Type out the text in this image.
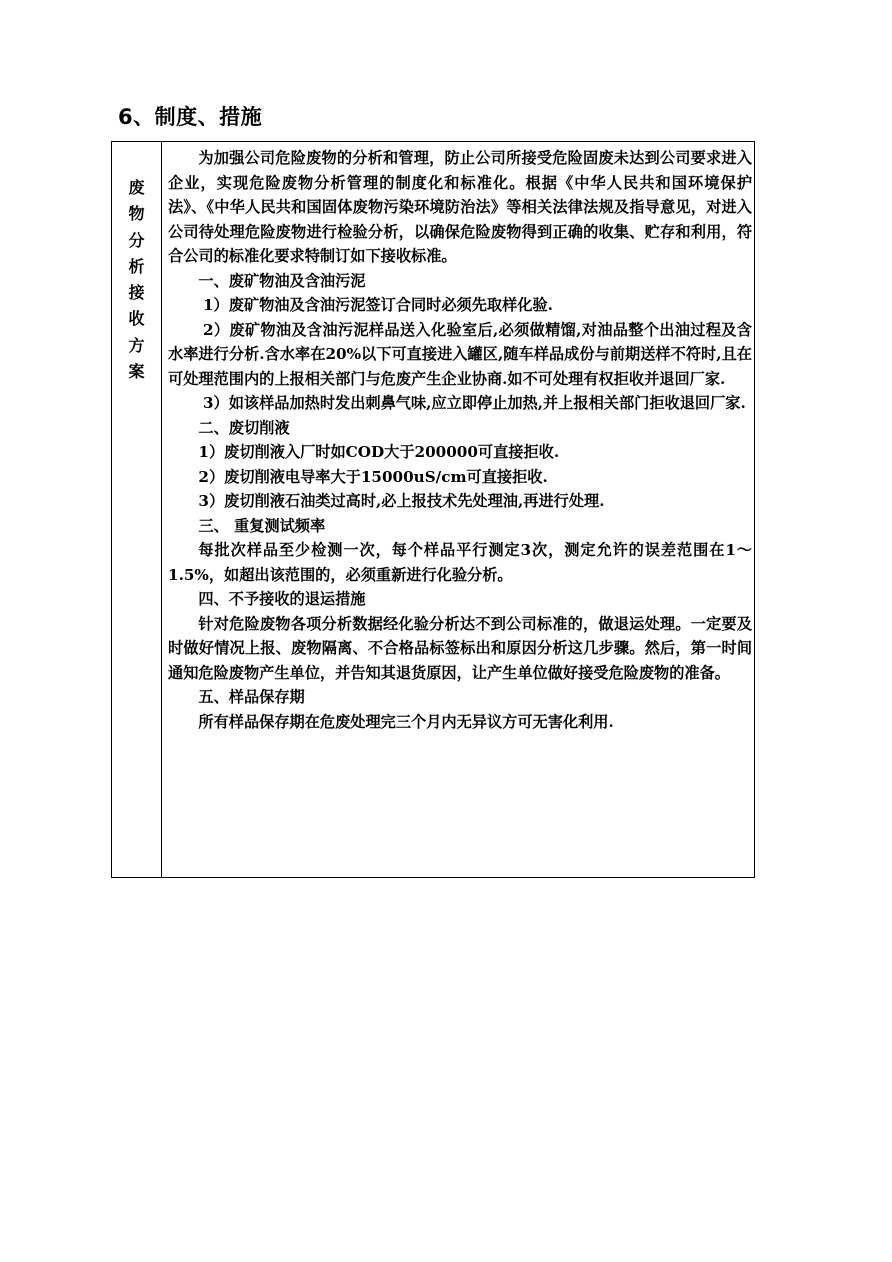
6、制度、措施
废
物
分
析
接
收
方
案

为加强公司危险废物的分析和管理，防止公司所接受危险固废未达到公司要求进入企业，实现危险废物分析管理的制度化和标准化。根据《中华人民共和国环境保护法》、《中华人民共和国固体废物污染环境防治法》等相关法律法规及指导意见，对进入公司待处理危险废物进行检验分析，以确保危险废物得到正确的收集、贮存和利用，符合公司的标准化要求特制订如下接收标准。

一、废矿物油及含油污泥

1）废矿物油及含油污泥签订合同时必须先取样化验.

2）废矿物油及含油污泥样品送入化验室后,必须做精馏,对油品整个出油过程及含水率进行分析.含水率在20%以下可直接进入罐区,随车样品成份与前期送样不符时,且在可处理范围内的上报相关部门与危废产生企业协商.如不可处理有权拒收并退回厂家.

3）如该样品加热时发出刺鼻气味,应立即停止加热,并上报相关部门拒收退回厂家.

二、废切削液

1）废切削液入厂时如COD大于200000可直接拒收.

2）废切削液电导率大于15000uS/cm可直接拒收.

3）废切削液石油类过高时,必上报技术先处理油,再进行处理.

三、 重复测试频率

每批次样品至少检测一次，每个样品平行测定3次，测定允许的误差范围在1～1.5%，如超出该范围的，必须重新进行化验分析。

四、不予接收的退运措施

针对危险废物各项分析数据经化验分析达不到公司标准的，做退运处理。一定要及时做好情况上报、废物隔离、不合格品标签标出和原因分析这几步骤。然后，第一时间通知危险废物产生单位，并告知其退货原因，让产生单位做好接受危险废物的准备。

五、样品保存期

所有样品保存期在危废处理完三个月内无异议方可无害化利用.
